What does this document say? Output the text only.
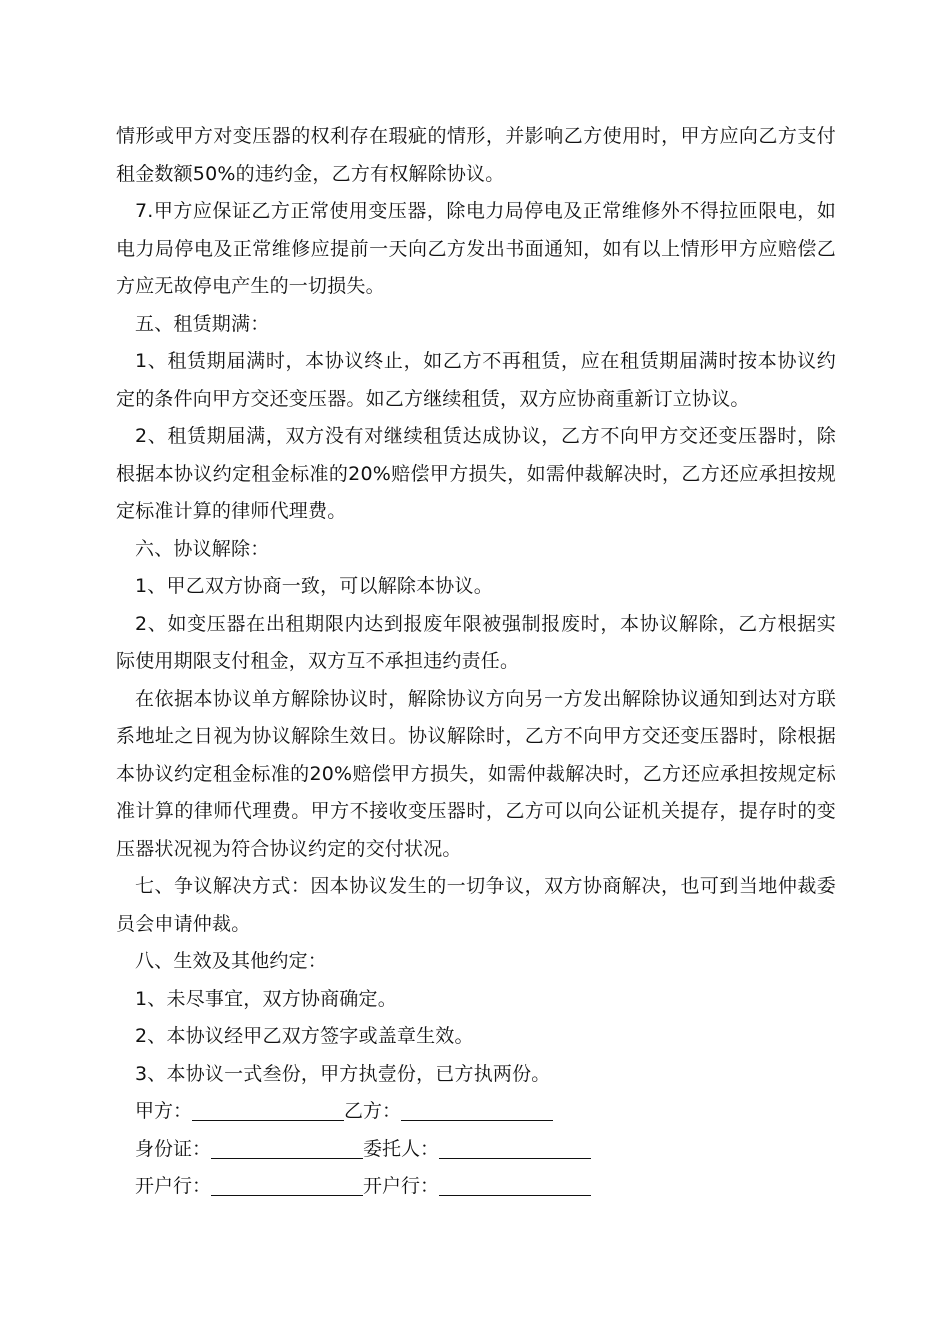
情形或甲方对变压器的权利存在瑕疵的情形，并影响乙方使用时，甲方应向乙方支付租金数额50%的违约金，乙方有权解除协议。

7.甲方应保证乙方正常使用变压器，除电力局停电及正常维修外不得拉匝限电，如电力局停电及正常维修应提前一天向乙方发出书面通知，如有以上情形甲方应赔偿乙方应无故停电产生的一切损失。

五、租赁期满：

1、租赁期届满时，本协议终止，如乙方不再租赁，应在租赁期届满时按本协议约定的条件向甲方交还变压器。如乙方继续租赁，双方应协商重新订立协议。

2、租赁期届满，双方没有对继续租赁达成协议，乙方不向甲方交还变压器时，除根据本协议约定租金标准的20%赔偿甲方损失，如需仲裁解决时，乙方还应承担按规定标准计算的律师代理费。

六、协议解除：

1、甲乙双方协商一致，可以解除本协议。

2、如变压器在出租期限内达到报废年限被强制报废时，本协议解除，乙方根据实际使用期限支付租金，双方互不承担违约责任。

在依据本协议单方解除协议时，解除协议方向另一方发出解除协议通知到达对方联系地址之日视为协议解除生效日。协议解除时，乙方不向甲方交还变压器时，除根据本协议约定租金标准的20%赔偿甲方损失，如需仲裁解决时，乙方还应承担按规定标准计算的律师代理费。甲方不接收变压器时，乙方可以向公证机关提存，提存时的变压器状况视为符合协议约定的交付状况。

七、争议解决方式：因本协议发生的一切争议，双方协商解决，也可到当地仲裁委员会申请仲裁。

八、生效及其他约定：

1、未尽事宜，双方协商确定。

2、本协议经甲乙双方签字或盖章生效。

3、本协议一式叁份，甲方执壹份，已方执两份。

甲方：	乙方：
身份证：	委托人：
开户行：	开户行：
